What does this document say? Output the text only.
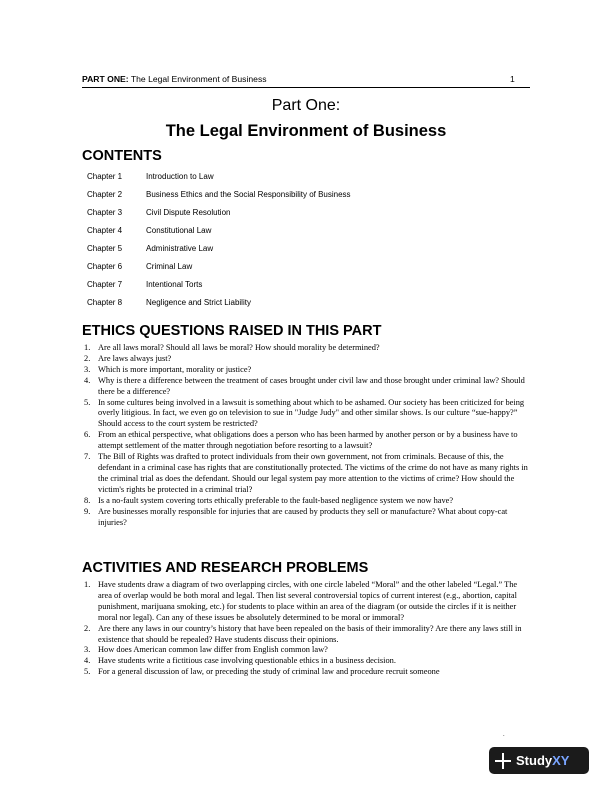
PART ONE: The Legal Environment of Business	1
Part One:
The Legal Environment of Business
CONTENTS
Chapter 1	Introduction to Law
Chapter 2	Business Ethics and the Social Responsibility of Business
Chapter 3	Civil Dispute Resolution
Chapter 4	Constitutional Law
Chapter 5	Administrative Law
Chapter 6	Criminal Law
Chapter 7	Intentional Torts
Chapter 8	Negligence and Strict Liability
ETHICS QUESTIONS RAISED IN THIS PART
1. Are all laws moral? Should all laws be moral? How should morality be determined?
2. Are laws always just?
3. Which is more important, morality or justice?
4. Why is there a difference between the treatment of cases brought under civil law and those brought under criminal law? Should there be a difference?
5. In some cultures being involved in a lawsuit is something about which to be ashamed. Our society has been criticized for being overly litigious. In fact, we even go on television to sue in "Judge Judy" and other similar shows. Is our culture “sue-happy?” Should access to the court system be restricted?
6. From an ethical perspective, what obligations does a person who has been harmed by another person or by a business have to attempt settlement of the matter through negotiation before resorting to a lawsuit?
7. The Bill of Rights was drafted to protect individuals from their own government, not from criminals. Because of this, the defendant in a criminal case has rights that are constitutionally protected. The victims of the crime do not have as many rights in the criminal trial as does the defendant. Should our legal system pay more attention to the victims of crime? How should the victim's rights be protected in a criminal trial?
8. Is a no-fault system covering torts ethically preferable to the fault-based negligence system we now have?
9. Are businesses morally responsible for injuries that are caused by products they sell or manufacture? What about copy-cat injuries?
ACTIVITIES AND RESEARCH PROBLEMS
1. Have students draw a diagram of two overlapping circles, with one circle labeled “Moral” and the other labeled “Legal.” The area of overlap would be both moral and legal. Then list several controversial topics of current interest (e.g., abortion, capital punishment, marijuana smoking, etc.) for students to place within an area of the diagram (or outside the circles if it is neither moral nor legal). Can any of these issues be absolutely determined to be moral or immoral?
2. Are there any laws in our country’s history that have been repealed on the basis of their immorality? Are there any laws still in existence that should be repealed? Have students discuss their opinions.
3. How does American common law differ from English common law?
4. Have students write a fictitious case involving questionable ethics in a business decision.
5. For a general discussion of law, or preceding the study of criminal law and procedure recruit someone
.
StudyXY
